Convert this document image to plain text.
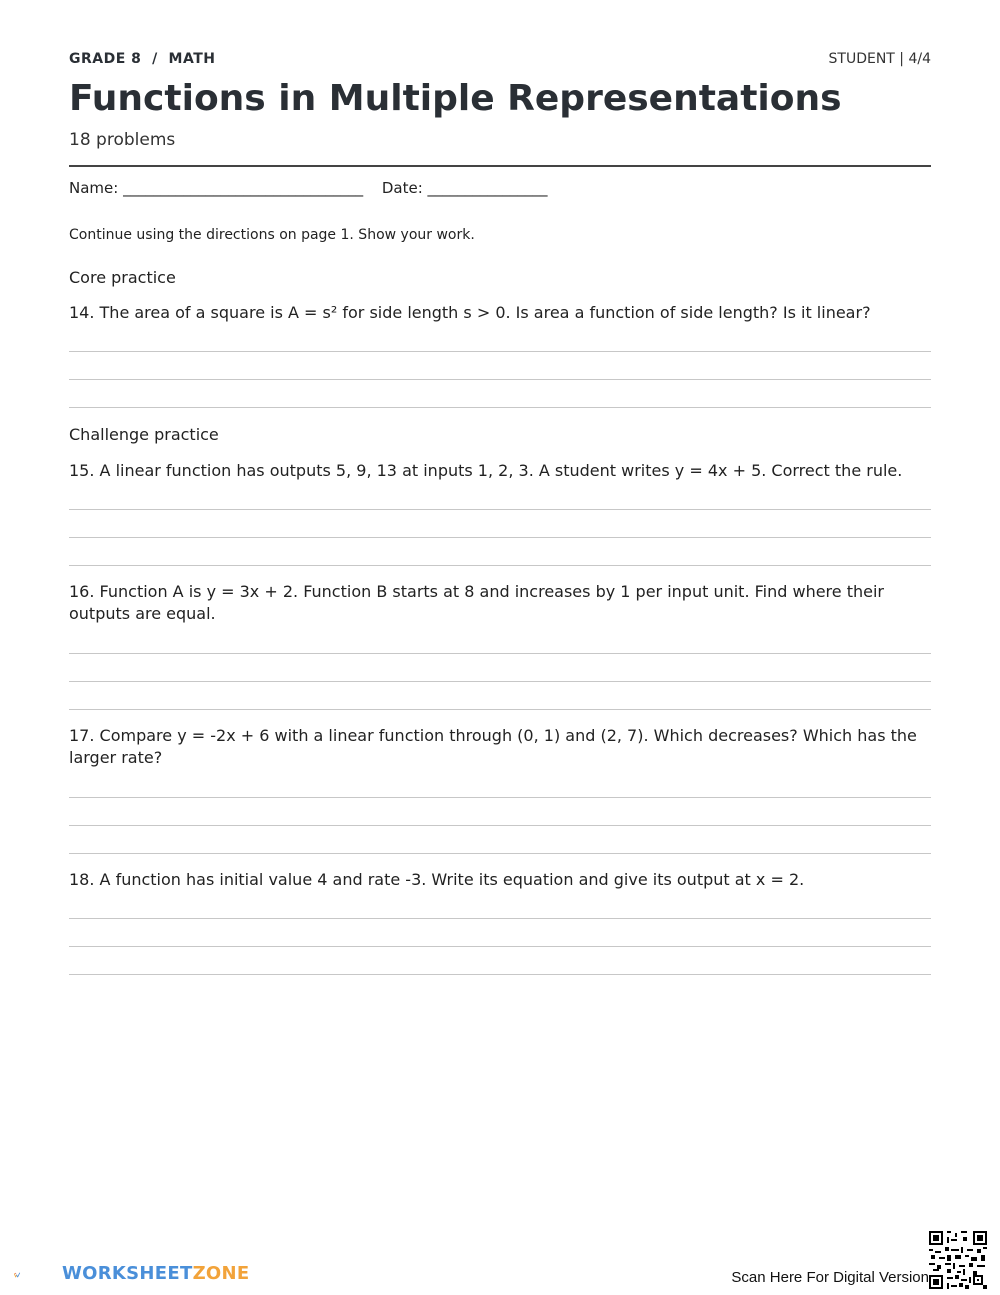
GRADE 8  /  MATH	STUDENT | 4/4
Functions in Multiple Representations
18 problems
Name: ________________________________ Date: ________________
Continue using the directions on page 1. Show your work.
Core practice
14. The area of a square is A = s² for side length s > 0. Is area a function of side length? Is it linear?
Challenge practice
15. A linear function has outputs 5, 9, 13 at inputs 1, 2, 3. A student writes y = 4x + 5. Correct the rule.
16. Function A is y = 3x + 2. Function B starts at 8 and increases by 1 per input unit. Find where their outputs are equal.
17. Compare y = -2x + 6 with a linear function through (0, 1) and (2, 7). Which decreases? Which has the larger rate?
18. A function has initial value 4 and rate -3. Write its equation and give its output at x = 2.
WORKSHEETZONE	Scan Here For Digital Version
